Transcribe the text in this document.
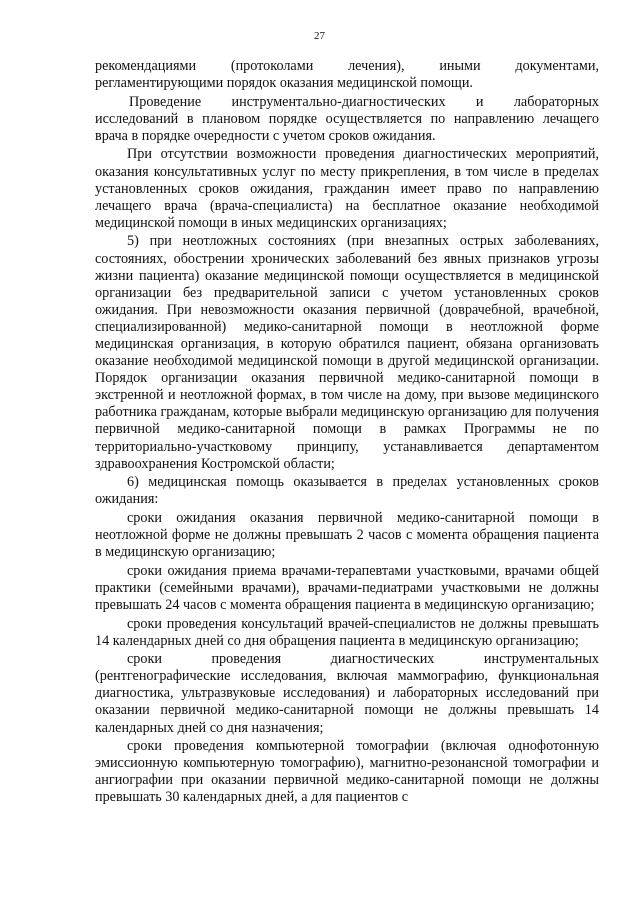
27

рекомендациями (протоколами лечения), иными документами, регламентирующими порядок оказания медицинской помощи.

Проведение инструментально-диагностических и лабораторных исследований в плановом порядке осуществляется по направлению лечащего врача в порядке очередности с учетом сроков ожидания.

При отсутствии возможности проведения диагностических мероприятий, оказания консультативных услуг по месту прикрепления, в том числе в пределах установленных сроков ожидания, гражданин имеет право по направлению лечащего врача (врача-специалиста) на бесплатное оказание необходимой медицинской помощи в иных медицинских организациях;

5) при неотложных состояниях (при внезапных острых заболеваниях, состояниях, обострении хронических заболеваний без явных признаков угрозы жизни пациента) оказание медицинской помощи осуществляется в медицинской организации без предварительной записи с учетом установленных сроков ожидания. При невозможности оказания первичной (доврачебной, врачебной, специализированной) медико-санитарной помощи в неотложной форме медицинская организация, в которую обратился пациент, обязана организовать оказание необходимой медицинской помощи в другой медицинской организации. Порядок организации оказания первичной медико-санитарной помощи в экстренной и неотложной формах, в том числе на дому, при вызове медицинского работника гражданам, которые выбрали медицинскую организацию для получения первичной медико-санитарной помощи в рамках Программы не по территориально-участковому принципу, устанавливается департаментом здравоохранения Костромской области;

6) медицинская помощь оказывается в пределах установленных сроков ожидания:

сроки ожидания оказания первичной медико-санитарной помощи в неотложной форме не должны превышать 2 часов с момента обращения пациента в медицинскую организацию;

сроки ожидания приема врачами-терапевтами участковыми, врачами общей практики (семейными врачами), врачами-педиатрами участковыми не должны превышать 24 часов с момента обращения пациента в медицинскую организацию;

сроки проведения консультаций врачей-специалистов не должны превышать 14 календарных дней со дня обращения пациента в медицинскую организацию;

сроки проведения диагностических инструментальных (рентгенографические исследования, включая маммографию, функциональная диагностика, ультразвуковые исследования) и лабораторных исследований при оказании первичной медико-санитарной помощи не должны превышать 14 календарных дней со дня назначения;

сроки проведения компьютерной томографии (включая однофотонную эмиссионную компьютерную томографию), магнитно-резонансной томографии и ангиографии при оказании первичной медико-санитарной помощи не должны превышать 30 календарных дней, а для пациентов с
